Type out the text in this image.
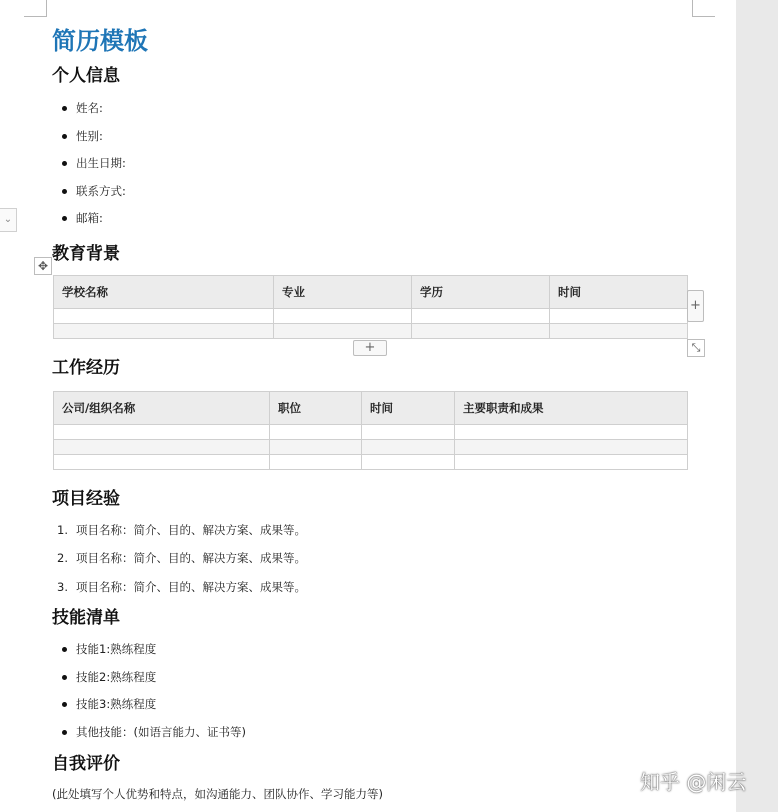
简历模板
个人信息
姓名:
性别:
出生日期:
联系方式:
邮箱:
教育背景
✥
学校名称	专业	学历	时间

+
+	⤡
工作经历
公司/组织名称	职位	时间	主要职责和成果

项目经验
1. 项目名称：简介、目的、解决方案、成果等。
2. 项目名称：简介、目的、解决方案、成果等。
3. 项目名称：简介、目的、解决方案、成果等。
技能清单
技能1:熟练程度
技能2:熟练程度
技能3:熟练程度
其他技能：(如语言能力、证书等)
自我评价
(此处填写个人优势和特点，如沟通能力、团队协作、学习能力等)
⌄
知乎 @闲云
